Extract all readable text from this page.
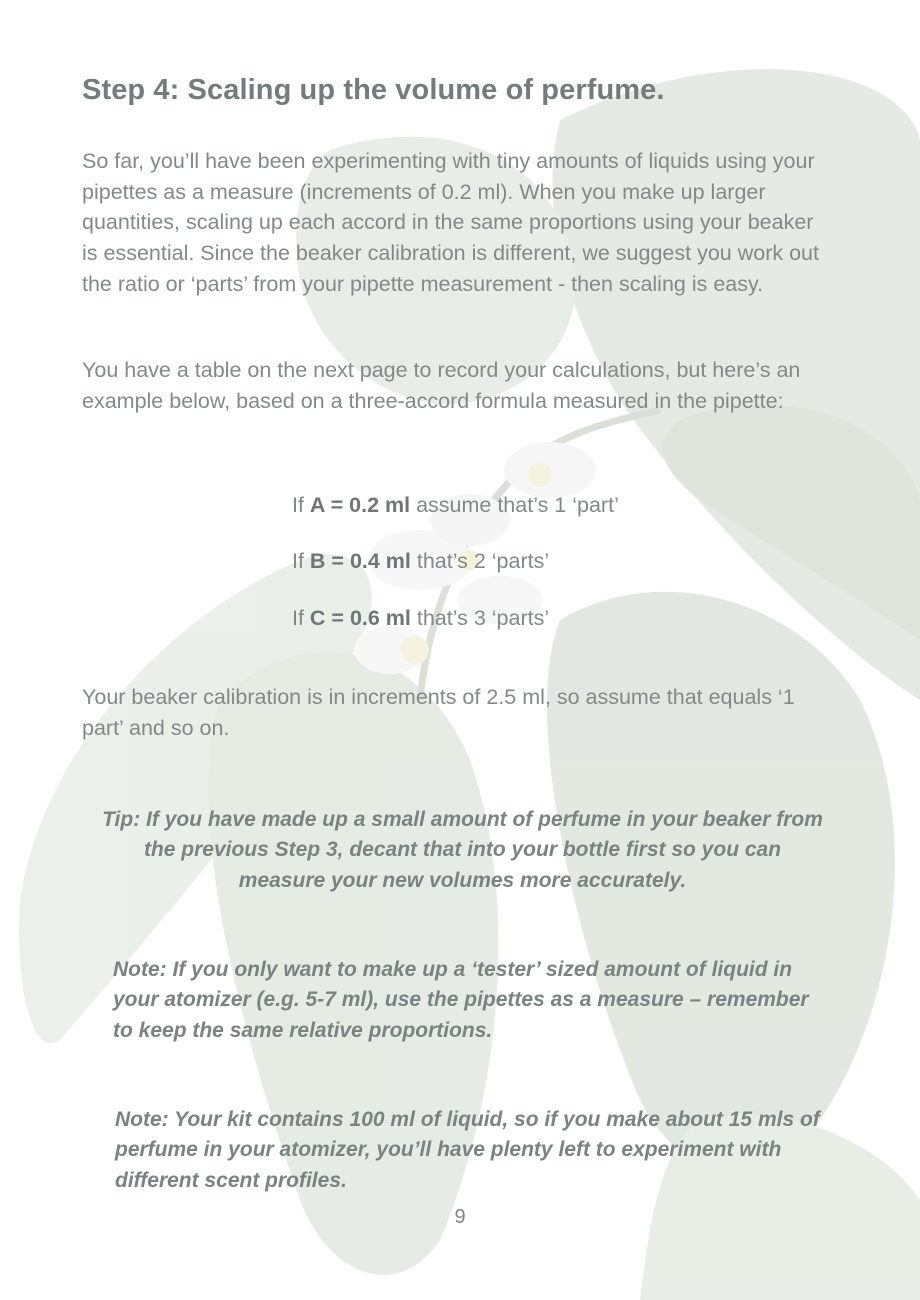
Step 4: Scaling up the volume of perfume.

So far, you’ll have been experimenting with tiny amounts of liquids using your pipettes as a measure (increments of 0.2 ml). When you make up larger quantities, scaling up each accord in the same proportions using your beaker is essential. Since the beaker calibration is different, we suggest you work out the ratio or ‘parts’ from your pipette measurement - then scaling is easy.

You have a table on the next page to record your calculations, but here’s an example below, based on a three-accord formula measured in the pipette:

If A = 0.2 ml assume that’s 1 ‘part’
If B = 0.4 ml that’s 2 ‘parts’
If C = 0.6 ml that’s 3 ‘parts’

Your beaker calibration is in increments of 2.5 ml, so assume that equals ‘1 part’ and so on.

Tip: If you have made up a small amount of perfume in your beaker from the previous Step 3, decant that into your bottle first so you can measure your new volumes more accurately.
Note: If you only want to make up a ‘tester’ sized amount of liquid in your atomizer (e.g. 5-7 ml), use the pipettes as a measure – remember to keep the same relative proportions.
Note: Your kit contains 100 ml of liquid, so if you make about 15 mls of perfume in your atomizer, you’ll have plenty left to experiment with different scent profiles.
9
